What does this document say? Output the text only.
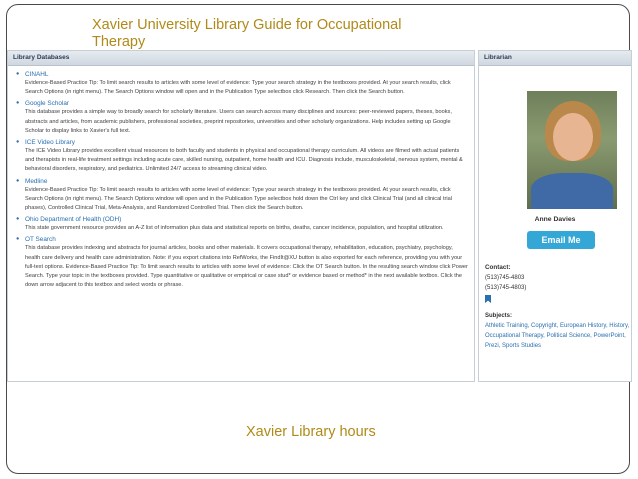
Xavier University Library Guide for Occupational Therapy
Library Databases
● CINAHL
Evidence-Based Practice Tip: To limit search results to articles with some level of evidence: Type your search strategy in the textboxes provided. At your search results, click Search Options (in right menu). The Search Options window will open and in the Publication Type selectbox click Research. Then click the Search button.
● Google Scholar
This database provides a simple way to broadly search for scholarly literature. Users can search across many disciplines and sources: peer-reviewed papers, theses, books, abstracts and articles, from academic publishers, professional societies, preprint repositories, universities and other scholarly organizations. Help includes setting up Google Scholar to display links to Xavier's full text.
● ICE Video Library
The ICE Video Library provides excellent visual resources to both faculty and students in physical and occupational therapy curriculum. All videos are filmed with actual patients and therapists in real-life treatment settings including acute care, skilled nursing, outpatient, home health and ICU. Diagnosis include, musculoskeletal, nervous system, mental & behavioral disorders, respiratory, and pediatrics. Unlimited 24/7 access to streaming clinical video.
● Medline
Evidence-Based Practice Tip: To limit search results to articles with some level of evidence: Type your search strategy in the textboxes provided. At your search results, click Search Options (in right menu). The Search Options window will open and in the Publication Type selectbox hold down the Ctrl key and click Clinical Trial (and all clinical trial phases), Controlled Clinical Trial, Meta-Analysis, and Randomized Controlled Trial. Then click the Search button.
● Ohio Department of Health (ODH)
This state government resource provides an A-Z list of information plus data and statistical reports on births, deaths, cancer incidence, population, and hospital utilization.
● OT Search
This database provides indexing and abstracts for journal articles, books and other materials. It covers occupational therapy, rehabilitation, education, psychiatry, psychology, health care delivery and health care administration. Note: if you export citations into RefWorks, the FindIt@XU button is also exported for each reference, providing you with your full-text options. Evidence-Based Practice Tip: To limit search results to articles with some level of evidence: Click the OT Search button. In the resulting search window click Power Search. Type your topic in the textboxes provided. Type quantitative or qualitative or empirical or case stud* or evidence based or method* in the next available textbox. Click the down arrow adjacent to this textbox and select words or phrase.
Librarian
Anne Davies
Email Me
Contact:
(513)745-4803
(513)745-4803)
Subjects:
Athletic Training, Copyright, European History, History, Occupational Therapy, Political Science, PowerPoint, Prezi, Sports Studies
Xavier Library hours
